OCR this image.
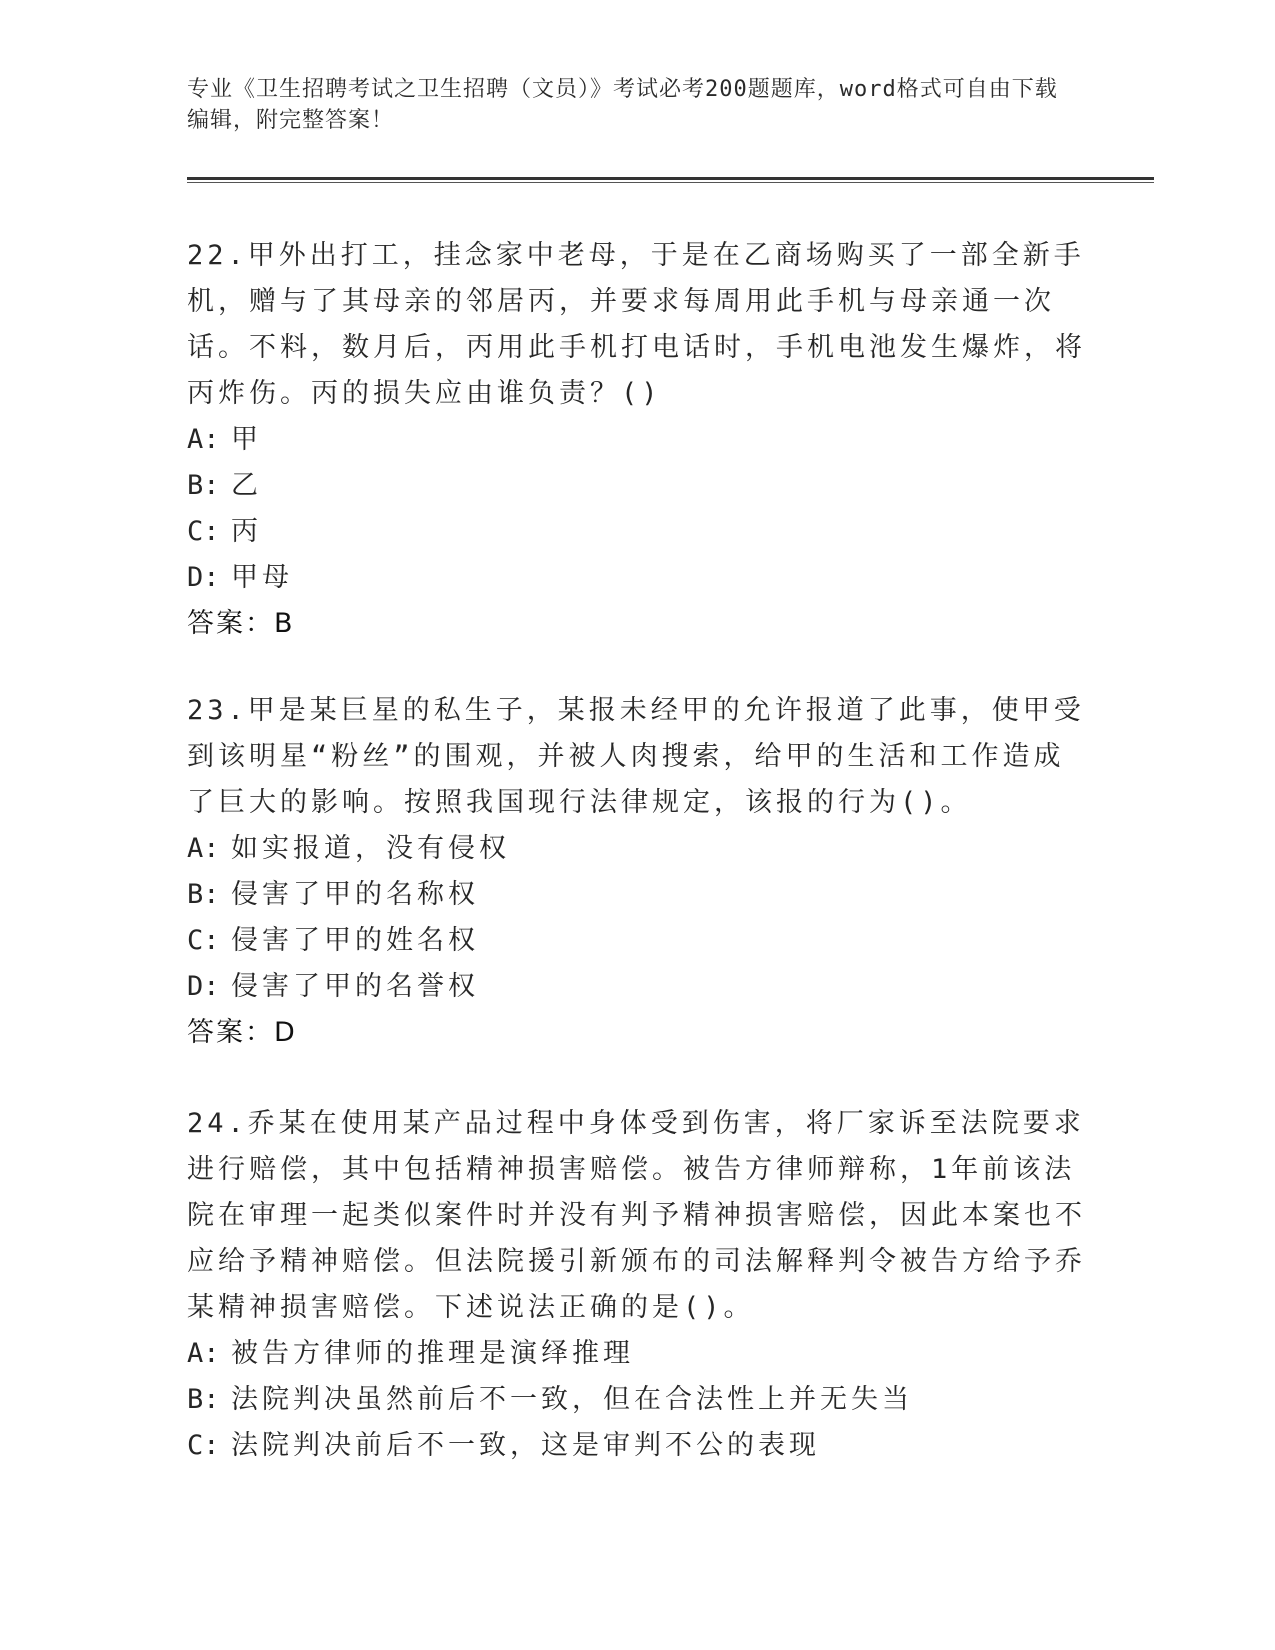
专业《卫生招聘考试之卫生招聘（文员）》考试必考200题题库，word格式可自由下载编辑，附完整答案！

22.甲外出打工，挂念家中老母，于是在乙商场购买了一部全新手机，赠与了其母亲的邻居丙，并要求每周用此手机与母亲通一次话。不料，数月后，丙用此手机打电话时，手机电池发生爆炸，将丙炸伤。丙的损失应由谁负责？()

A: 甲

B: 乙

C: 丙

D: 甲母

答案：B

23.甲是某巨星的私生子，某报未经甲的允许报道了此事，使甲受到该明星“粉丝”的围观，并被人肉搜索，给甲的生活和工作造成了巨大的影响。按照我国现行法律规定，该报的行为()。

A: 如实报道，没有侵权

B: 侵害了甲的名称权

C: 侵害了甲的姓名权

D: 侵害了甲的名誉权

答案：D

24.乔某在使用某产品过程中身体受到伤害，将厂家诉至法院要求进行赔偿，其中包括精神损害赔偿。被告方律师辩称，1年前该法院在审理一起类似案件时并没有判予精神损害赔偿，因此本案也不应给予精神赔偿。但法院援引新颁布的司法解释判令被告方给予乔某精神损害赔偿。下述说法正确的是()。

A: 被告方律师的推理是演绎推理

B: 法院判决虽然前后不一致，但在合法性上并无失当

C: 法院判决前后不一致，这是审判不公的表现
